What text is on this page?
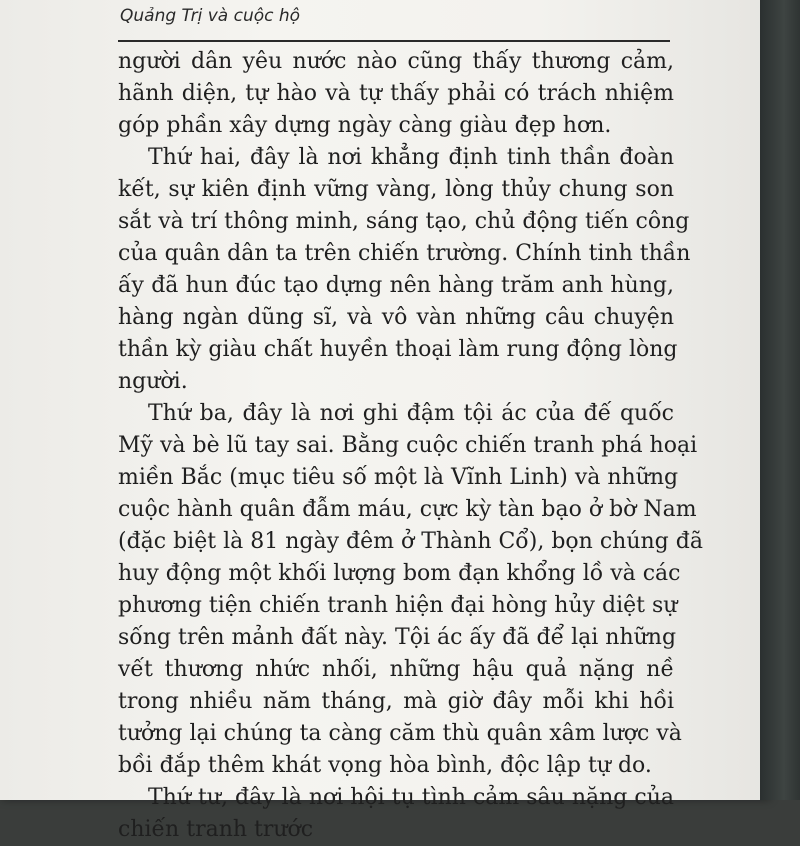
Quảng Trị và cuộc hộ
người dân yêu nước nào cũng thấy thương cảm,
hãnh diện, tự hào và tự thấy phải có trách nhiệm
góp phần xây dựng ngày càng giàu đẹp hơn.
Thứ hai, đây là nơi khẳng định tinh thần đoàn
kết, sự kiên định vững vàng, lòng thủy chung son
sắt và trí thông minh, sáng tạo, chủ động tiến công
của quân dân ta trên chiến trường. Chính tinh thần
ấy đã hun đúc tạo dựng nên hàng trăm anh hùng,
hàng ngàn dũng sĩ, và vô vàn những câu chuyện
thần kỳ giàu chất huyền thoại làm rung động lòng
người.
Thứ ba, đây là nơi ghi đậm tội ác của đế quốc
Mỹ và bè lũ tay sai. Bằng cuộc chiến tranh phá hoại
miền Bắc (mục tiêu số một là Vĩnh Linh) và những
cuộc hành quân đẫm máu, cực kỳ tàn bạo ở bờ Nam
(đặc biệt là 81 ngày đêm ở Thành Cổ), bọn chúng đã
huy động một khối lượng bom đạn khổng lồ và các
phương tiện chiến tranh hiện đại hòng hủy diệt sự
sống trên mảnh đất này. Tội ác ấy đã để lại những
vết thương nhức nhối, những hậu quả nặng nề
trong nhiều năm tháng, mà giờ đây mỗi khi hồi
tưởng lại chúng ta càng căm thù quân xâm lược và
bồi đắp thêm khát vọng hòa bình, độc lập tự do.
Thứ tư, đây là nơi hội tụ tình cảm sâu nặng của
chiến tranh trước
